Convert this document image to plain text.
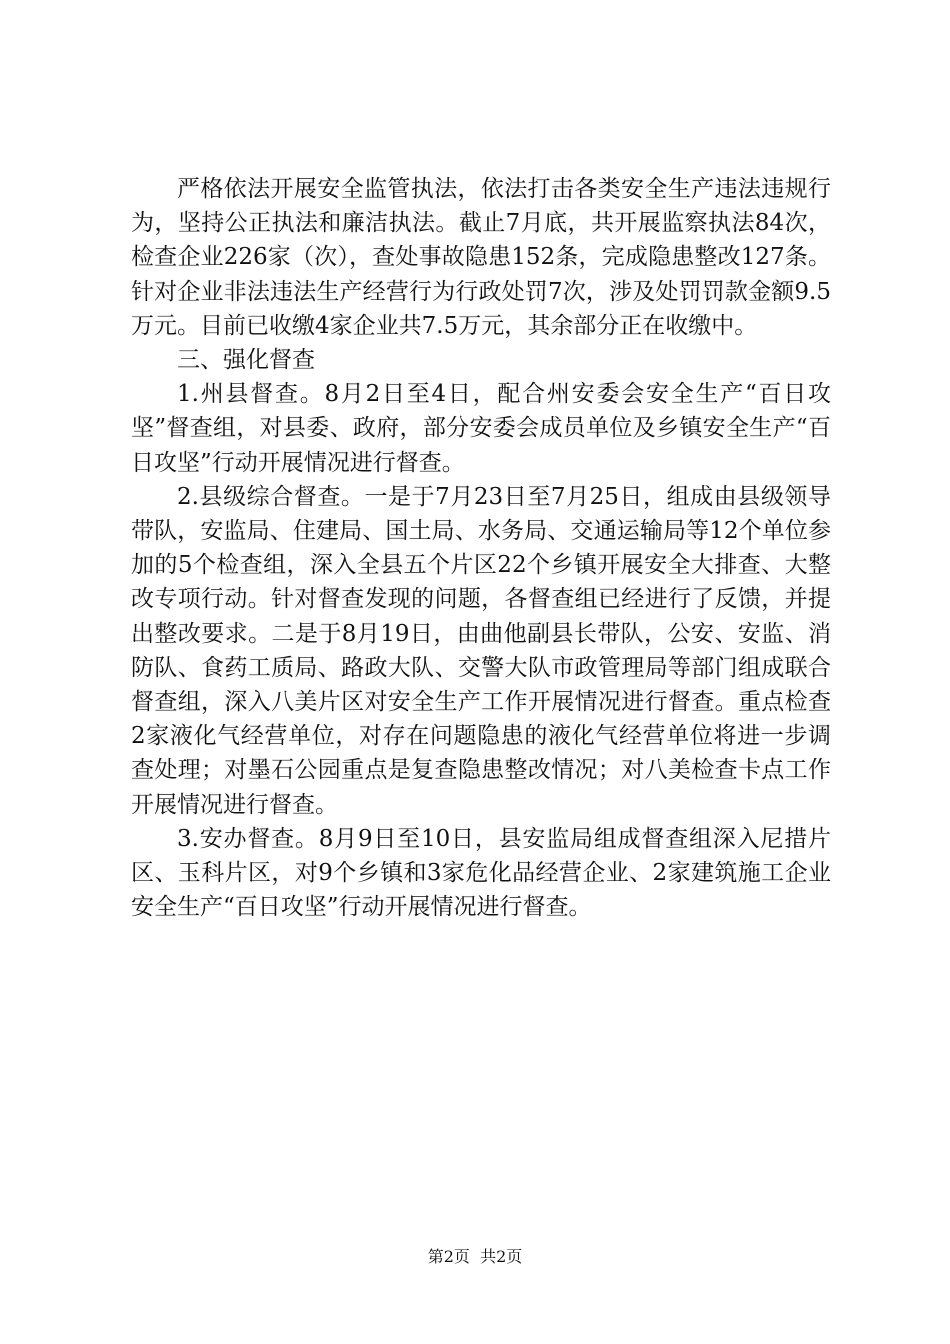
严格依法开展安全监管执法，依法打击各类安全生产违法违规行为，坚持公正执法和廉洁执法。截止7月底，共开展监察执法84次，检查企业226家（次），查处事故隐患152条，完成隐患整改127条。针对企业非法违法生产经营行为行政处罚7次，涉及处罚罚款金额9.5万元。目前已收缴4家企业共7.5万元，其余部分正在收缴中。

三、强化督查

1.州县督查。8月2日至4日，配合州安委会安全生产“百日攻坚”督查组，对县委、政府，部分安委会成员单位及乡镇安全生产“百日攻坚”行动开展情况进行督查。

2.县级综合督查。一是于7月23日至7月25日，组成由县级领导带队，安监局、住建局、国土局、水务局、交通运输局等12个单位参加的5个检查组，深入全县五个片区22个乡镇开展安全大排查、大整改专项行动。针对督查发现的问题，各督查组已经进行了反馈，并提出整改要求。二是于8月19日，由曲他副县长带队，公安、安监、消防队、食药工质局、路政大队、交警大队市政管理局等部门组成联合督查组，深入八美片区对安全生产工作开展情况进行督查。重点检查2家液化气经营单位，对存在问题隐患的液化气经营单位将进一步调查处理；对墨石公园重点是复查隐患整改情况；对八美检查卡点工作开展情况进行督查。

3.安办督查。8月9日至10日，县安监局组成督查组深入尼措片区、玉科片区，对9个乡镇和3家危化品经营企业、2家建筑施工企业安全生产“百日攻坚”行动开展情况进行督查。

第2页  共2页
